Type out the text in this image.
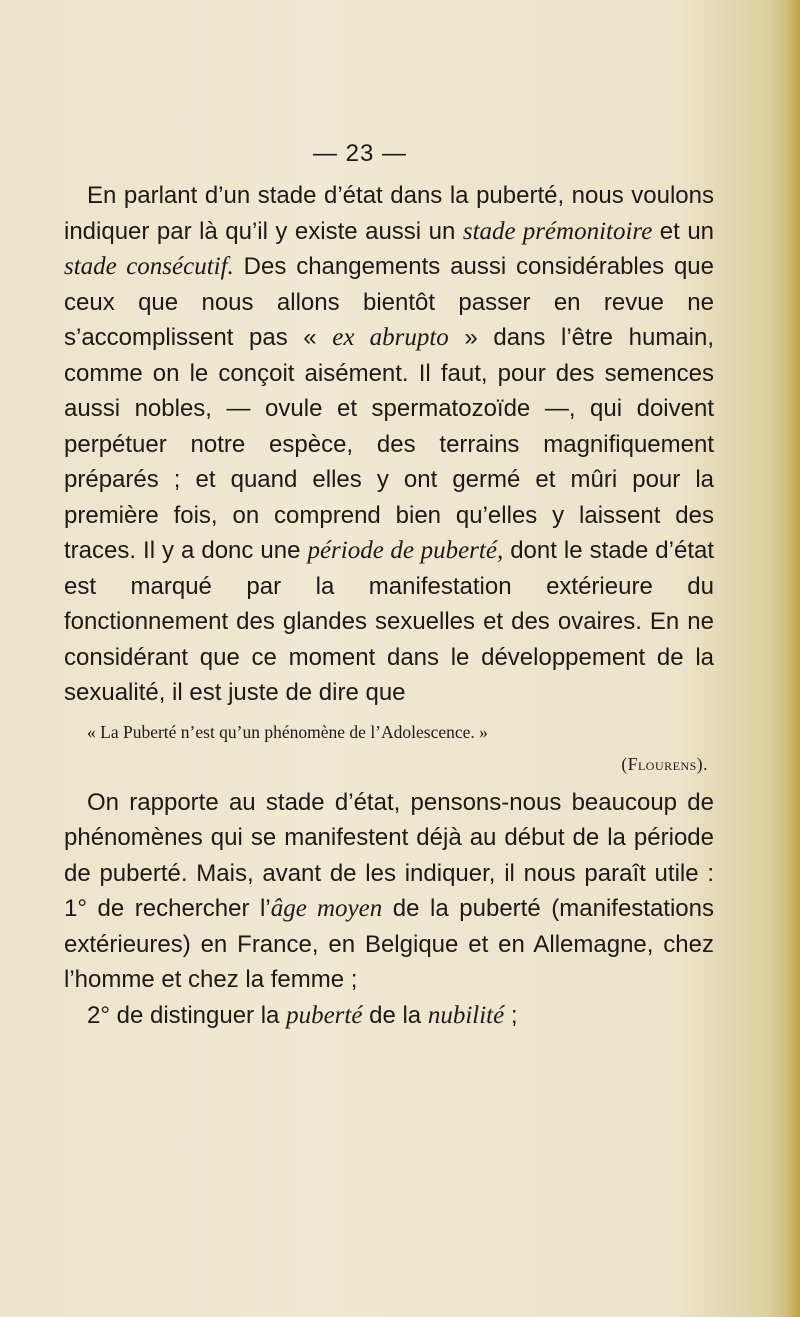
— 23 —

En parlant d’un stade d’état dans la puberté, nous voulons indiquer par là qu’il y existe aussi un stade prémonitoire et un stade consécutif. Des changements aussi considérables que ceux que nous allons bientôt passer en revue ne s’accomplissent pas « ex abrupto » dans l’être humain, comme on le conçoit aisément. Il faut, pour des semences aussi nobles, — ovule et spermatozoïde —, qui doivent perpétuer notre espèce, des terrains magnifiquement préparés ; et quand elles y ont germé et mûri pour la première fois, on comprend bien qu’elles y laissent des traces. Il y a donc une période de puberté, dont le stade d’état est marqué par la manifestation extérieure du fonctionnement des glandes sexuelles et des ovaires. En ne considérant que ce moment dans le développement de la sexualité, il est juste de dire que

« La Puberté n’est qu’un phénomène de l’Adolescence. »
(Flourens).

On rapporte au stade d’état, pensons-nous beaucoup de phénomènes qui se manifestent déjà au début de la période de puberté. Mais, avant de les indiquer, il nous paraît utile : 1° de rechercher l’âge moyen de la puberté (manifestations extérieures) en France, en Belgique et en Allemagne, chez l’homme et chez la femme ;

2° de distinguer la puberté de la nubilité ;
